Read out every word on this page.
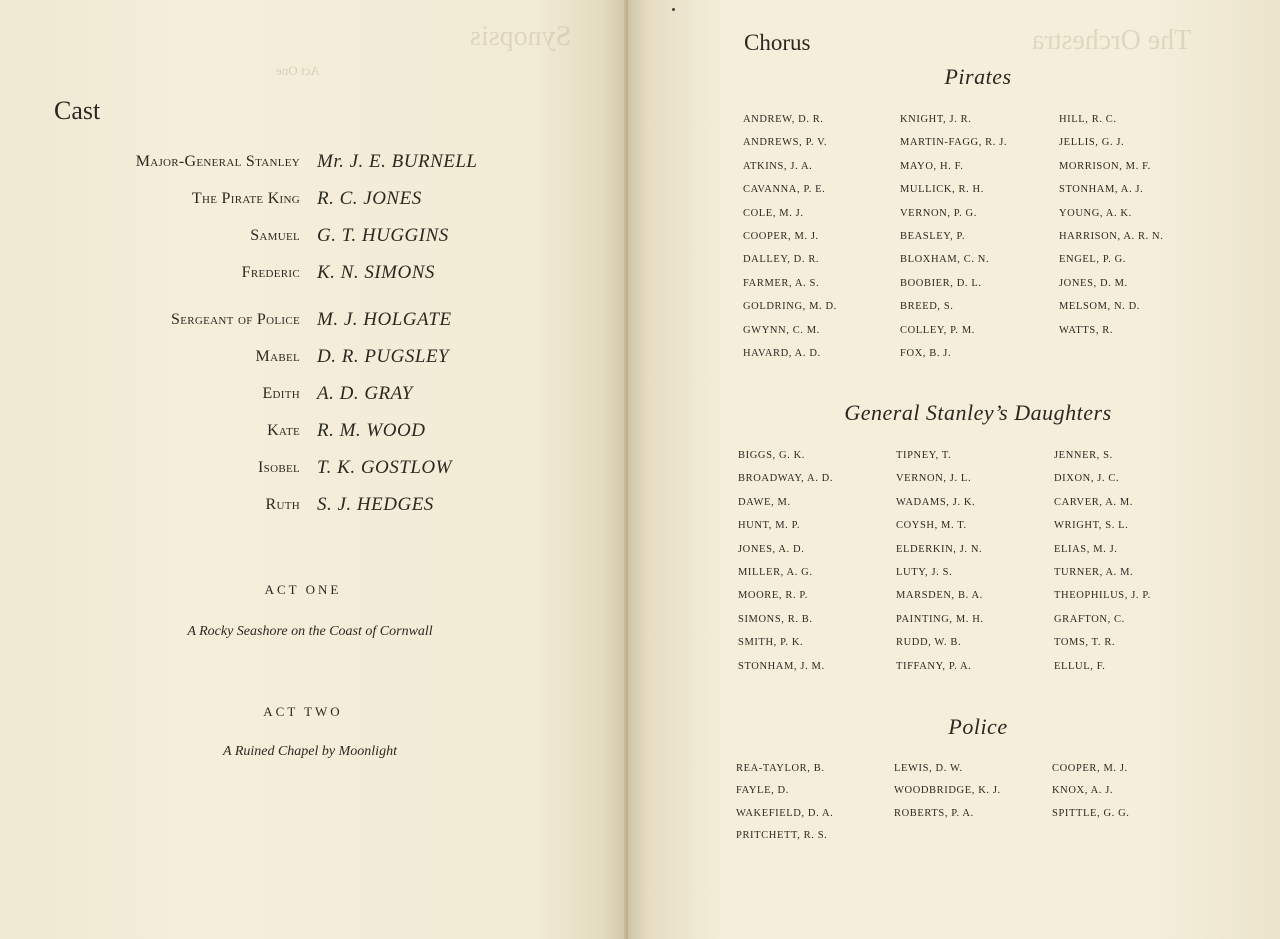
Synopsis
Act One
Cast
Major-General Stanley Mr. J. E. BURNELL
The Pirate King R. C. JONES
Samuel G. T. HUGGINS
Frederic K. N. SIMONS
Sergeant of Police M. J. HOLGATE
Mabel D. R. PUGSLEY
Edith A. D. GRAY
Kate R. M. WOOD
Isobel T. K. GOSTLOW
Ruth S. J. HEDGES
ACT ONE
A Rocky Seashore on the Coast of Cornwall
ACT TWO
A Ruined Chapel by Moonlight
The Orchestra
Chorus
Pirates
ANDREW, D. R.
ANDREWS, P. V.
ATKINS, J. A.
CAVANNA, P. E.
COLE, M. J.
COOPER, M. J.
DALLEY, D. R.
FARMER, A. S.
GOLDRING, M. D.
GWYNN, C. M.
HAVARD, A. D.
KNIGHT, J. R.
MARTIN-FAGG, R. J.
MAYO, H. F.
MULLICK, R. H.
VERNON, P. G.
BEASLEY, P.
BLOXHAM, C. N.
BOOBIER, D. L.
BREED, S.
COLLEY, P. M.
FOX, B. J.
HILL, R. C.
JELLIS, G. J.
MORRISON, M. F.
STONHAM, A. J.
YOUNG, A. K.
HARRISON, A. R. N.
ENGEL, P. G.
JONES, D. M.
MELSOM, N. D.
WATTS, R.
General Stanley’s Daughters
BIGGS, G. K.
BROADWAY, A. D.
DAWE, M.
HUNT, M. P.
JONES, A. D.
MILLER, A. G.
MOORE, R. P.
SIMONS, R. B.
SMITH, P. K.
STONHAM, J. M.
TIPNEY, T.
VERNON, J. L.
WADAMS, J. K.
COYSH, M. T.
ELDERKIN, J. N.
LUTY, J. S.
MARSDEN, B. A.
PAINTING, M. H.
RUDD, W. B.
TIFFANY, P. A.
JENNER, S.
DIXON, J. C.
CARVER, A. M.
WRIGHT, S. L.
ELIAS, M. J.
TURNER, A. M.
THEOPHILUS, J. P.
GRAFTON, C.
TOMS, T. R.
ELLUL, F.
Police
REA-TAYLOR, B.
FAYLE, D.
WAKEFIELD, D. A.
PRITCHETT, R. S.
LEWIS, D. W.
WOODBRIDGE, K. J.
ROBERTS, P. A.
COOPER, M. J.
KNOX, A. J.
SPITTLE, G. G.
